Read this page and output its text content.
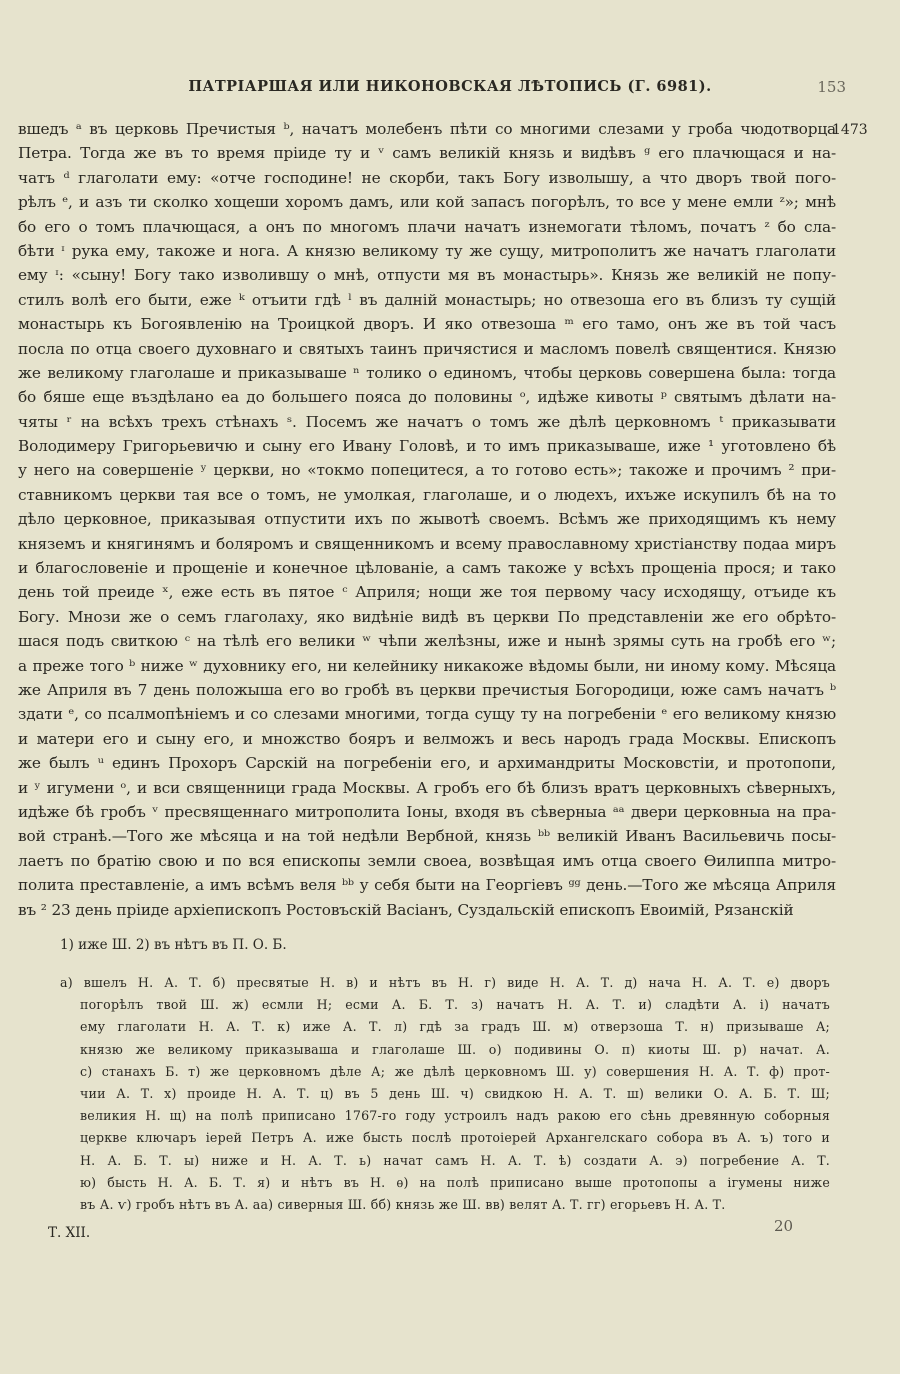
ПАТРІАРШАЯ ИЛИ НИКОНОВСКАЯ ЛѢТОПИСЬ (Г. 6981).	153
1473
вшедъ ᵃ въ церковь Пречистыя ᵇ, начатъ молебенъ пѣти со многими слезами у гроба чюдотворца
Петра. Тогда же въ то время пріиде ту и ᵛ самъ великій князь и видѣвъ ᵍ его плачющася и на-
чатъ ᵈ глаголати ему: «отче господине! не скорби, такъ Богу изволышу, а что дворъ твой пого-
рѣлъ ᵉ, и азъ ти сколко хощеши хоромъ дамъ, или кой запасъ погорѣлъ, то все у мене емли ᶻ»; мнѣ
бо его о томъ плачющася, а онъ по многомъ плачи начатъ изнемогати тѣломъ, початъ ᶻ бо сла-
бѣти ᶦ рука ему, такоже и нога. А князю великому ту же сущу, митрополитъ же начатъ глаголати
ему ᶦ: «сыну! Богу тако изволившу о мнѣ, отпусти мя въ монастырь». Князь же великій не попу-
стилъ волѣ его быти, еже ᵏ отъити гдѣ ˡ въ далній монастырь; но отвезоша его въ близъ ту сущій
монастырь къ Богоявленію на Троицкой дворъ. И яко отвезоша ᵐ его тамо, онъ же въ той часъ
посла по отца своего духовнаго и святыхъ таинъ причястися и масломъ повелѣ священтися. Князю
же великому глаголаше и приказываше ⁿ толико о единомъ, чтобы церковь совершена была: тогда
бо бяше еще въздѣлано еа до большего пояса до половины ᵒ, идѣже кивоты ᵖ святымъ дѣлати на-
чяты ʳ на всѣхъ трехъ стѣнахъ ˢ. Посемъ же начатъ о томъ же дѣлѣ церковномъ ᵗ приказывати
Володимеру Григорьевичю и сыну его Ивану Головѣ, и то имъ приказываше, иже ¹ уготовлено бѣ
у него на совершеніе ʸ церкви, но «токмо попецитеся, а то готово есть»; такоже и прочимъ ² при-
ставникомъ церкви тая все о томъ, не умолкая, глаголаше, и о людехъ, ихъже искупилъ бѣ на то
дѣло церковное, приказывая отпустити ихъ по жывотѣ своемъ. Всѣмъ же приходящимъ къ нему
княземъ и княгинямъ и боляромъ и священникомъ и всему православному христіанству подаа миръ
и благословеніе и прощеніе и конечное цѣлованіе, а самъ такоже у всѣхъ прощеніа прося; и тако
день той преиде ˣ, еже есть въ пятое ᶜ Априля; нощи же тоя первому часу исходящу, отъиде къ
Богу. Мнози же о семъ глаголаху, яко видѣніе видѣ въ церкви По представленіи же его обрѣто-
шася подъ свиткою ᶜ на тѣлѣ его велики ʷ чѣпи желѣзны, иже и нынѣ зрямы суть на гробѣ его ʷ;
а преже того ᵇ ниже ʷ духовнику его, ни келейнику никакоже вѣдомы были, ни иному кому. Мѣсяца
же Априля въ 7 день положыша его во гробѣ въ церкви пречистыя Богородици, юже самъ начатъ ᵇ
здати ᵉ, со псалмопѣніемъ и со слезами многими, тогда сущу ту на погребеніи ᵉ его великому князю
и матери его и сыну его, и множство бояръ и велможъ и весь народъ града Москвы. Епископъ
же былъ ᵘ единъ Прохоръ Сарскій на погребеніи его, и архимандриты Московстіи, и протопопи,
и ʸ игумени ᵒ, и вси священници града Москвы. А гробъ его бѣ близъ вратъ церковныхъ сѣверныхъ,
идѣже бѣ гробъ ᵛ пресвященнаго митрополита Іоны, входя въ сѣверныа ᵃᵃ двери церковныа на пра-
вой странѣ.—Того же мѣсяца и на той недѣли Вербной, князь ᵇᵇ великій Иванъ Васильевичь посы-
лаетъ по братію свою и по вся епископы земли своеа, возвѣщая имъ отца своего Ѳилиппа митро-
полита преставленіе, а имъ всѣмъ веля ᵇᵇ у себя быти на Георгіевъ ᵍᵍ день.—Того же мѣсяца Априля
въ ² 23 день пріиде архіепископъ Ростовъскій Васіанъ, Суздальскій епископъ Евоимій, Рязанскій
1) иже Ш. 2) въ нѣтъ въ П. О. Б.
а) вшелъ Н. А. Т. б) пресвятые Н. в) и нѣтъ въ Н. г) виде Н. А. Т. д) нача Н. А. Т. е) дворъ
погорѣлъ твой Ш. ж) есмли Н; есми А. Б. Т. з) начатъ Н. А. Т. и) сладѣти А. і) начатъ
ему глаголати Н. А. Т. к) иже А. Т. л) гдѣ за градъ Ш. м) отверзоша Т. н) призываше А;
князю же великому приказываша и глаголаше Ш. о) подивины О. п) киоты Ш. р) начат. А.
с) станахъ Б. т) же церковномъ дѣле А; же дѣлѣ церковномъ Ш. у) совершения Н. А. Т. ф) прот-
чии А. Т. х) проиде Н. А. Т. ц) въ 5 день Ш. ч) свидкою Н. А. Т. ш) велики О. А. Б. Т. Ш;
великия Н. щ) на полѣ приписано 1767-го году устроилъ надъ ракою его сѣнь древянную соборныя
церкве ключаръ іерей Петръ А. иже бысть послѣ протоіерей Архангелскаго собора въ А. ъ) того и
Н. А. Б. Т. ы) ниже и Н. А. Т. ь) начат самъ Н. А. Т. ѣ) создати А. э) погребение А. Т.
ю) бысть Н. А. Б. Т. я) и нѣтъ въ Н. ѳ) на полѣ приписано выше протопопы а ігумены ниже
въ А. ѵ) гробъ нѣтъ въ А. аа) сиверныя Ш. бб) князь же Ш. вв) велят А. Т. гг) егорьевъ Н. А. Т.
Т. XII.	20
